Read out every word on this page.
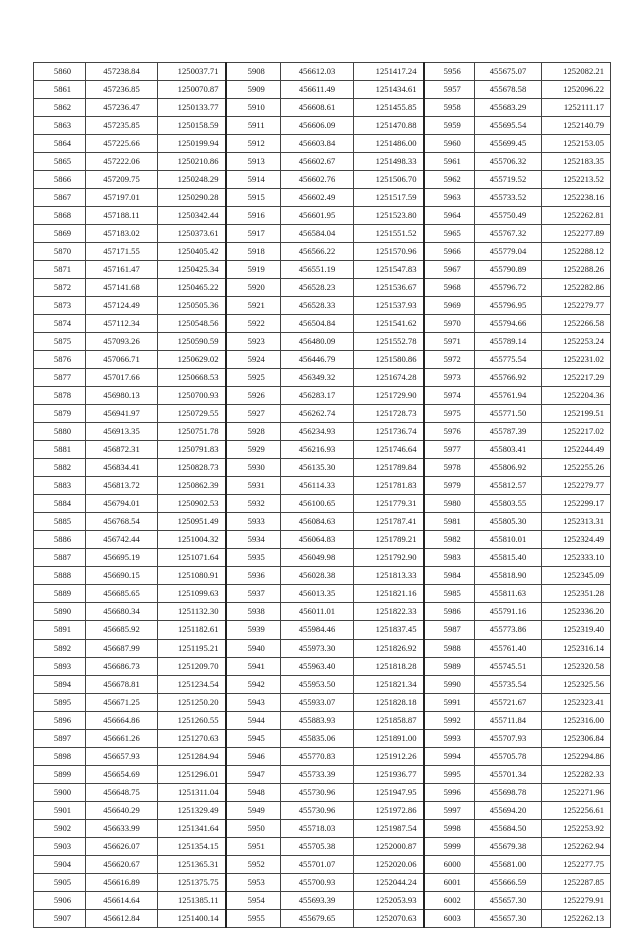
5860	457238.84	1250037.71	5908	456612.03	1251417.24	5956	455675.07	1252082.21
5861	457236.85	1250070.87	5909	456611.49	1251434.61	5957	455678.58	1252096.22
5862	457236.47	1250133.77	5910	456608.61	1251455.85	5958	455683.29	1252111.17
5863	457235.85	1250158.59	5911	456606.09	1251470.88	5959	455695.54	1252140.79
5864	457225.66	1250199.94	5912	456603.84	1251486.00	5960	455699.45	1252153.05
5865	457222.06	1250210.86	5913	456602.67	1251498.33	5961	455706.32	1252183.35
5866	457209.75	1250248.29	5914	456602.76	1251506.70	5962	455719.52	1252213.52
5867	457197.01	1250290.28	5915	456602.49	1251517.59	5963	455733.52	1252238.16
5868	457188.11	1250342.44	5916	456601.95	1251523.80	5964	455750.49	1252262.81
5869	457183.02	1250373.61	5917	456584.04	1251551.52	5965	455767.32	1252277.89
5870	457171.55	1250405.42	5918	456566.22	1251570.96	5966	455779.04	1252288.12
5871	457161.47	1250425.34	5919	456551.19	1251547.83	5967	455790.89	1252288.26
5872	457141.68	1250465.22	5920	456528.23	1251536.67	5968	455796.72	1252282.86
5873	457124.49	1250505.36	5921	456528.33	1251537.93	5969	455796.95	1252279.77
5874	457112.34	1250548.56	5922	456504.84	1251541.62	5970	455794.66	1252266.58
5875	457093.26	1250590.59	5923	456480.09	1251552.78	5971	455789.14	1252253.24
5876	457066.71	1250629.02	5924	456446.79	1251580.86	5972	455775.54	1252231.02
5877	457017.66	1250668.53	5925	456349.32	1251674.28	5973	455766.92	1252217.29
5878	456980.13	1250700.93	5926	456283.17	1251729.90	5974	455761.94	1252204.36
5879	456941.97	1250729.55	5927	456262.74	1251728.73	5975	455771.50	1252199.51
5880	456913.35	1250751.78	5928	456234.93	1251736.74	5976	455787.39	1252217.02
5881	456872.31	1250791.83	5929	456216.93	1251746.64	5977	455803.41	1252244.49
5882	456834.41	1250828.73	5930	456135.30	1251789.84	5978	455806.92	1252255.26
5883	456813.72	1250862.39	5931	456114.33	1251781.83	5979	455812.57	1252279.77
5884	456794.01	1250902.53	5932	456100.65	1251779.31	5980	455803.55	1252299.17
5885	456768.54	1250951.49	5933	456084.63	1251787.41	5981	455805.30	1252313.31
5886	456742.44	1251004.32	5934	456064.83	1251789.21	5982	455810.01	1252324.49
5887	456695.19	1251071.64	5935	456049.98	1251792.90	5983	455815.40	1252333.10
5888	456690.15	1251080.91	5936	456028.38	1251813.33	5984	455818.90	1252345.09
5889	456685.65	1251099.63	5937	456013.35	1251821.16	5985	455811.63	1252351.28
5890	456680.34	1251132.30	5938	456011.01	1251822.33	5986	455791.16	1252336.20
5891	456685.92	1251182.61	5939	455984.46	1251837.45	5987	455773.86	1252319.40
5892	456687.99	1251195.21	5940	455973.30	1251826.92	5988	455761.40	1252316.14
5893	456686.73	1251209.70	5941	455963.40	1251818.28	5989	455745.51	1252320.58
5894	456678.81	1251234.54	5942	455953.50	1251821.34	5990	455735.54	1252325.56
5895	456671.25	1251250.20	5943	455933.07	1251828.18	5991	455721.67	1252323.41
5896	456664.86	1251260.55	5944	455883.93	1251858.87	5992	455711.84	1252316.00
5897	456661.26	1251270.63	5945	455835.06	1251891.00	5993	455707.93	1252306.84
5898	456657.93	1251284.94	5946	455770.83	1251912.26	5994	455705.78	1252294.86
5899	456654.69	1251296.01	5947	455733.39	1251936.77	5995	455701.34	1252282.33
5900	456648.75	1251311.04	5948	455730.96	1251947.95	5996	455698.78	1252271.96
5901	456640.29	1251329.49	5949	455730.96	1251972.86	5997	455694.20	1252256.61
5902	456633.99	1251341.64	5950	455718.03	1251987.54	5998	455684.50	1252253.92
5903	456626.07	1251354.15	5951	455705.38	1252000.87	5999	455679.38	1252262.94
5904	456620.67	1251365.31	5952	455701.07	1252020.06	6000	455681.00	1252277.75
5905	456616.89	1251375.75	5953	455700.93	1252044.24	6001	455666.59	1252287.85
5906	456614.64	1251385.11	5954	455693.39	1252053.93	6002	455657.30	1252279.91
5907	456612.84	1251400.14	5955	455679.65	1252070.63	6003	455657.30	1252262.13
